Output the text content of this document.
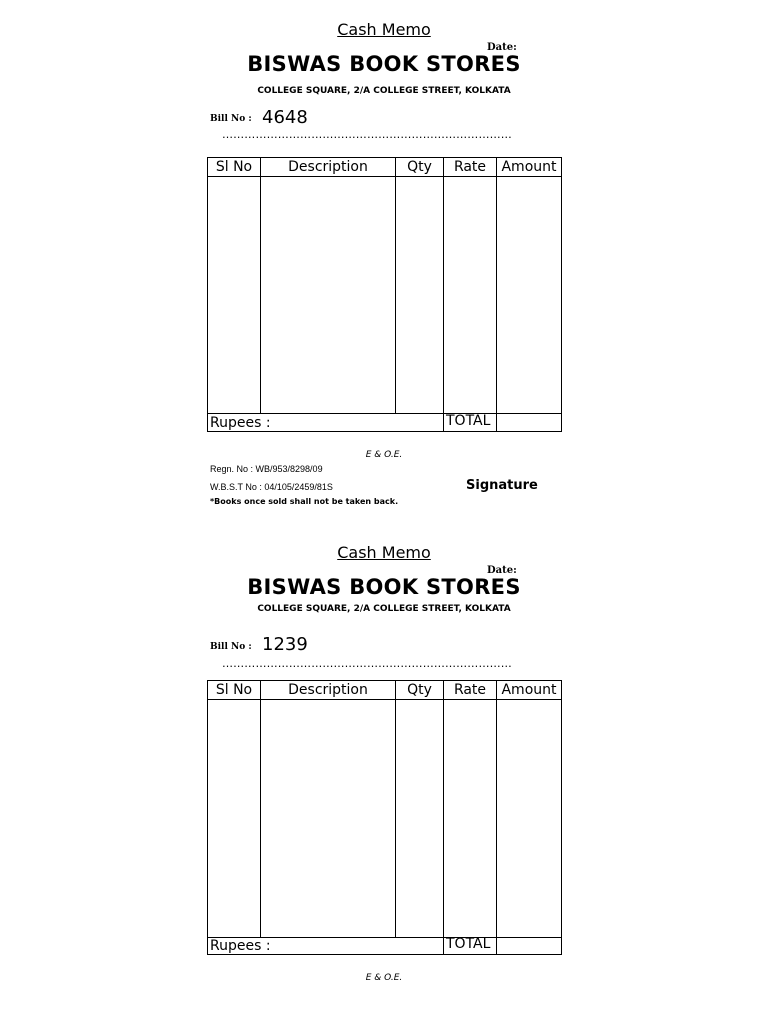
Cash Memo
Date:
BISWAS BOOK STORES
COLLEGE SQUARE, 2/A COLLEGE STREET, KOLKATA
Bill No : 4648
……………………………………………………………………
Sl No	Description	Qty	Rate	Amount
Rupees :	TOTAL
E & O.E.
Regn. No : WB/953/8298/09
W.B.S.T No : 04/105/2459/81S	Signature
*Books once sold shall not be taken back.
Cash Memo
Date:
BISWAS BOOK STORES
COLLEGE SQUARE, 2/A COLLEGE STREET, KOLKATA
Bill No : 1239
……………………………………………………………………
Sl No	Description	Qty	Rate	Amount
Rupees :	TOTAL
E & O.E.
